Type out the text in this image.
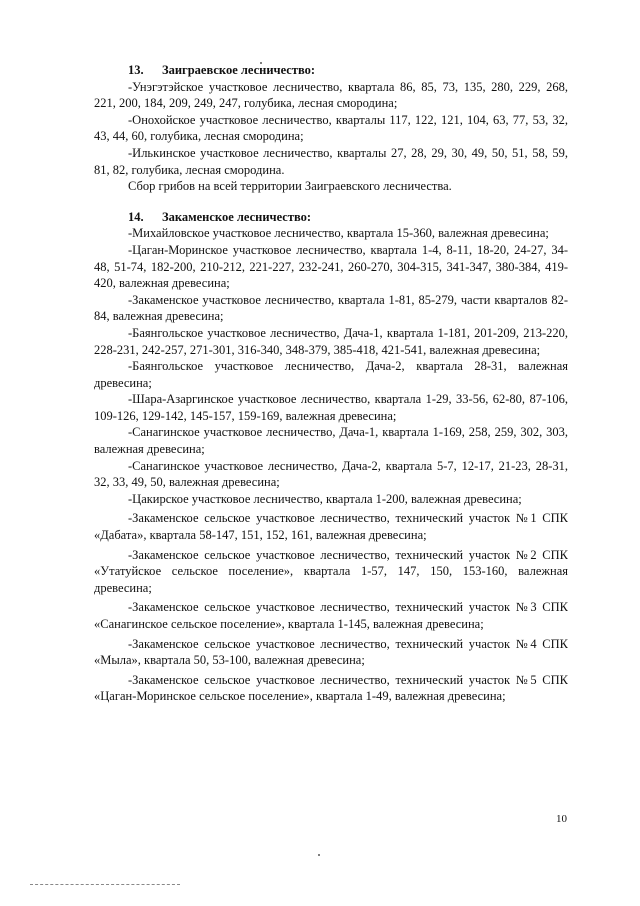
13. Заиграевское лесничество:

-Унэгэтэйское участковое лесничество, квартала 86, 85, 73, 135, 280, 229, 268, 221, 200, 184, 209, 249, 247, голубика, лесная смородина;

-Онохойское участковое лесничество, кварталы 117, 122, 121, 104, 63, 77, 53, 32, 43, 44, 60, голубика, лесная смородина;

-Илькинское участковое лесничество, кварталы 27, 28, 29, 30, 49, 50, 51, 58, 59, 81, 82, голубика, лесная смородина.

Сбор грибов на всей территории Заиграевского лесничества.

14. Закаменское лесничество:

-Михайловское участковое лесничество, квартала 15-360, валежная древесина;

-Цаган-Моринское участковое лесничество, квартала 1-4, 8-11, 18-20, 24-27, 34-48, 51-74, 182-200, 210-212, 221-227, 232-241, 260-270, 304-315, 341-347, 380-384, 419-420, валежная древесина;

-Закаменское участковое лесничество, квартала 1-81, 85-279, части кварталов 82-84, валежная древесина;

-Баянгольское участковое лесничество, Дача-1, квартала 1-181, 201-209, 213-220, 228-231, 242-257, 271-301, 316-340, 348-379, 385-418, 421-541, валежная древесина;

-Баянгольское участковое лесничество, Дача-2, квартала 28-31, валежная древесина;

-Шара-Азаргинское участковое лесничество, квартала 1-29, 33-56, 62-80, 87-106, 109-126, 129-142, 145-157, 159-169, валежная древесина;

-Санагинское участковое лесничество, Дача-1, квартала 1-169, 258, 259, 302, 303, валежная древесина;

-Санагинское участковое лесничество, Дача-2, квартала 5-7, 12-17, 21-23, 28-31, 32, 33, 49, 50, валежная древесина;

-Цакирское участковое лесничество, квартала 1-200, валежная древесина;

-Закаменское сельское участковое лесничество, технический участок №1 СПК «Дабата», квартала 58-147, 151, 152, 161, валежная древесина;

-Закаменское сельское участковое лесничество, технический участок №2 СПК «Утатуйское сельское поселение», квартала 1-57, 147, 150, 153-160, валежная древесина;

-Закаменское сельское участковое лесничество, технический участок №3 СПК «Санагинское сельское поселение», квартала 1-145, валежная древесина;

-Закаменское сельское участковое лесничество, технический участок №4 СПК «Мыла», квартала 50, 53-100, валежная древесина;

-Закаменское сельское участковое лесничество, технический участок №5 СПК «Цаган-Моринское сельское поселение», квартала 1-49, валежная древесина;

10
